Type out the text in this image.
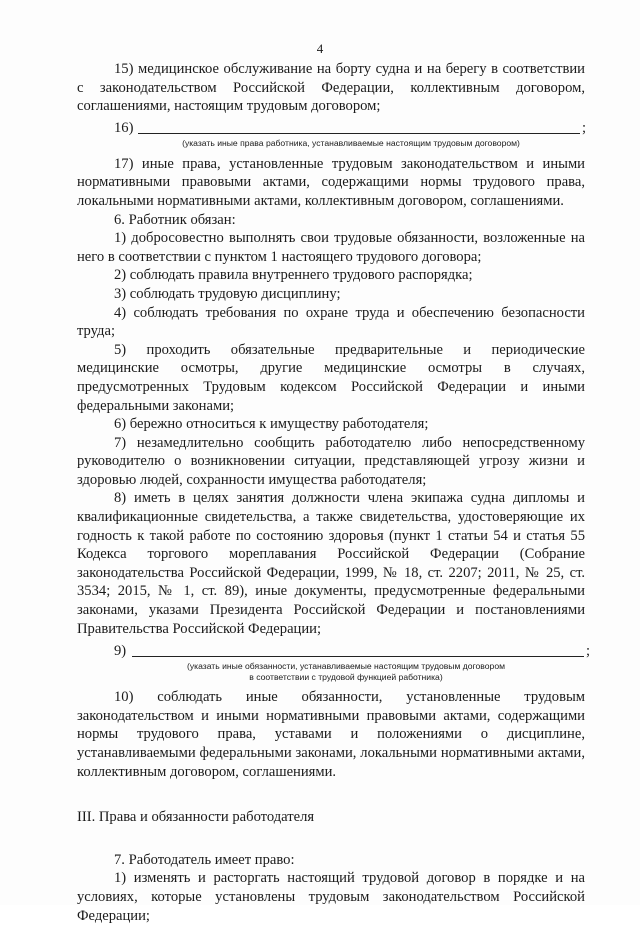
4

15) медицинское обслуживание на борту судна и на берегу в соответствии с законодательством Российской Федерации, коллективным договором, соглашениями, настоящим трудовым договором;

16)	;
(указать иные права работника, устанавливаемые настоящим трудовым договором)

17) иные права, установленные трудовым законодательством и иными нормативными правовыми актами, содержащими нормы трудового права, локальными нормативными актами, коллективным договором, соглашениями.

6. Работник обязан:

1) добросовестно выполнять свои трудовые обязанности, возложенные на него в соответствии с пунктом 1 настоящего трудового договора;

2) соблюдать правила внутреннего трудового распорядка;

3) соблюдать трудовую дисциплину;

4) соблюдать требования по охране труда и обеспечению безопасности труда;

5) проходить обязательные предварительные и периодические медицинские осмотры, другие медицинские осмотры в случаях, предусмотренных Трудовым кодексом Российской Федерации и иными федеральными законами;

6) бережно относиться к имуществу работодателя;

7) незамедлительно сообщить работодателю либо непосредственному руководителю о возникновении ситуации, представляющей угрозу жизни и здоровью людей, сохранности имущества работодателя;

8) иметь в целях занятия должности члена экипажа судна дипломы и квалификационные свидетельства, а также свидетельства, удостоверяющие их годность к такой работе по состоянию здоровья (пункт 1 статьи 54 и статья 55 Кодекса торгового мореплавания Российской Федерации (Собрание законодательства Российской Федерации, 1999, № 18, ст. 2207; 2011, № 25, ст. 3534; 2015, № 1, ст. 89), иные документы, предусмотренные федеральными законами, указами Президента Российской Федерации и постановлениями Правительства Российской Федерации;

9)	;
(указать иные обязанности, устанавливаемые настоящим трудовым договором
в соответствии с трудовой функцией работника)

10) соблюдать иные обязанности, установленные трудовым законодательством и иными нормативными правовыми актами, содержащими нормы трудового права, уставами и положениями о дисциплине, устанавливаемыми федеральными законами, локальными нормативными актами, коллективным договором, соглашениями.

III. Права и обязанности работодателя

7. Работодатель имеет право:

1) изменять и расторгать настоящий трудовой договор в порядке и на условиях, которые установлены трудовым законодательством Российской Федерации;
